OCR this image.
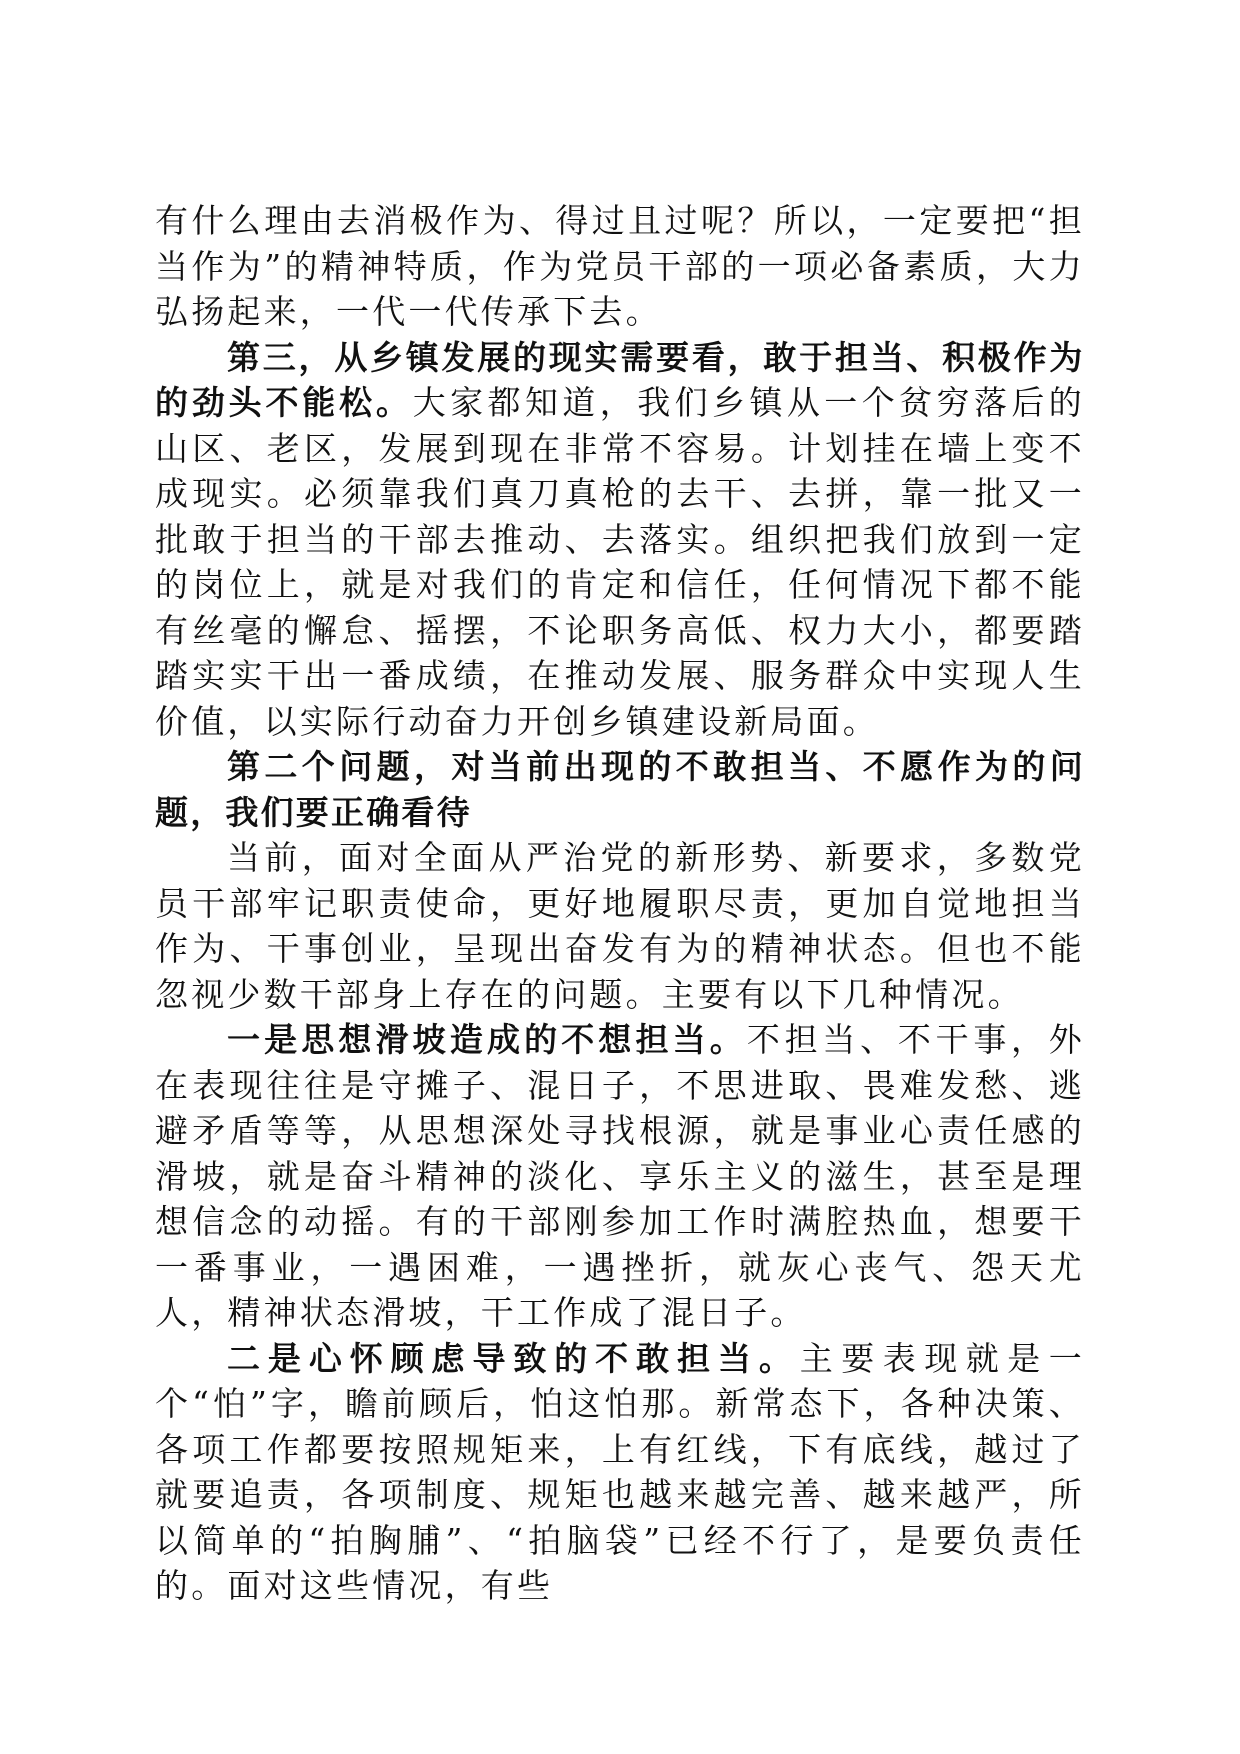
有什么理由去消极作为、得过且过呢？所以，一定要把“担当作为”的精神特质，作为党员干部的一项必备素质，大力弘扬起来，一代一代传承下去。

第三，从乡镇发展的现实需要看，敢于担当、积极作为的劲头不能松。大家都知道，我们乡镇从一个贫穷落后的山区、老区，发展到现在非常不容易。计划挂在墙上变不成现实。必须靠我们真刀真枪的去干、去拼，靠一批又一批敢于担当的干部去推动、去落实。组织把我们放到一定的岗位上，就是对我们的肯定和信任，任何情况下都不能有丝毫的懈怠、摇摆，不论职务高低、权力大小，都要踏踏实实干出一番成绩，在推动发展、服务群众中实现人生价值，以实际行动奋力开创乡镇建设新局面。

第二个问题，对当前出现的不敢担当、不愿作为的问题，我们要正确看待

当前，面对全面从严治党的新形势、新要求，多数党员干部牢记职责使命，更好地履职尽责，更加自觉地担当作为、干事创业，呈现出奋发有为的精神状态。但也不能忽视少数干部身上存在的问题。主要有以下几种情况。

一是思想滑坡造成的不想担当。不担当、不干事，外在表现往往是守摊子、混日子，不思进取、畏难发愁、逃避矛盾等等，从思想深处寻找根源，就是事业心责任感的滑坡，就是奋斗精神的淡化、享乐主义的滋生，甚至是理想信念的动摇。有的干部刚参加工作时满腔热血，想要干一番事业，一遇困难，一遇挫折，就灰心丧气、怨天尤人，精神状态滑坡，干工作成了混日子。

二是心怀顾虑导致的不敢担当。主要表现就是一个“怕”字，瞻前顾后，怕这怕那。新常态下，各种决策、各项工作都要按照规矩来，上有红线，下有底线，越过了就要追责，各项制度、规矩也越来越完善、越来越严，所以简单的“拍胸脯”、“拍脑袋”已经不行了，是要负责任的。面对这些情况，有些
